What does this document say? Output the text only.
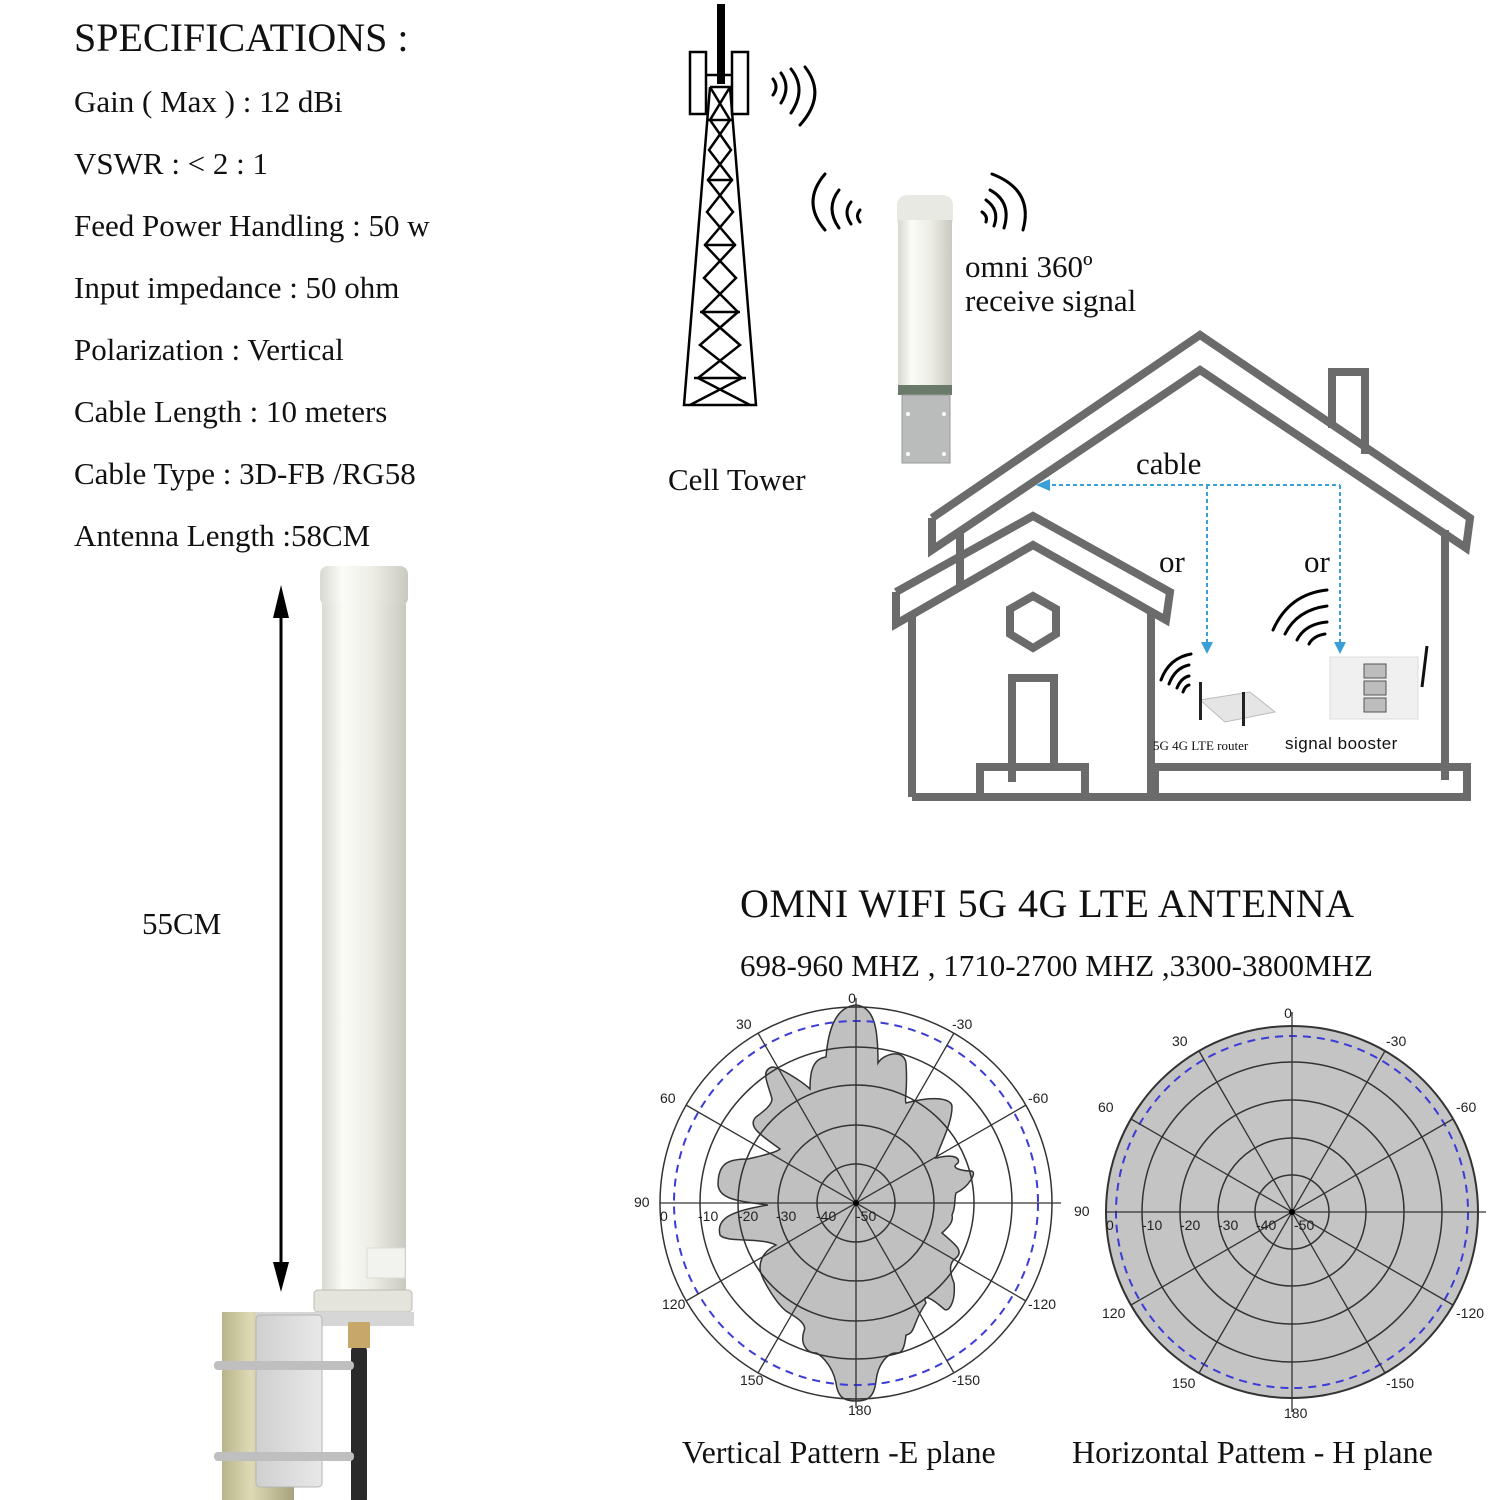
SPECIFICATIONS :
Gain ( Max ) : 12 dBi
VSWR : < 2 : 1
Feed Power Handling : 50 w
Input impedance : 50 ohm
Polarization : Vertical
Cable Length : 10 meters
Cable Type : 3D-FB /RG58
Antenna Length :58CM
55CM
Cell Tower
omni 360º
receive signal
cable
or	or
5G 4G LTE router signal booster
OMNI WIFI 5G 4G LTE ANTENNA
698-960 MHZ , 1710-2700 MHZ ,3300-3800MHZ
0
30	-30
60	-60
90
120	-120
150	-150
180
0 -10 -20 -30 -40 -50
0
30	-30
60	-60
90
120	-120
150	-150
180
0 -10 -20 -30 -40 -50
Vertical Pattern -E plane Horizontal Pattem - H plane
